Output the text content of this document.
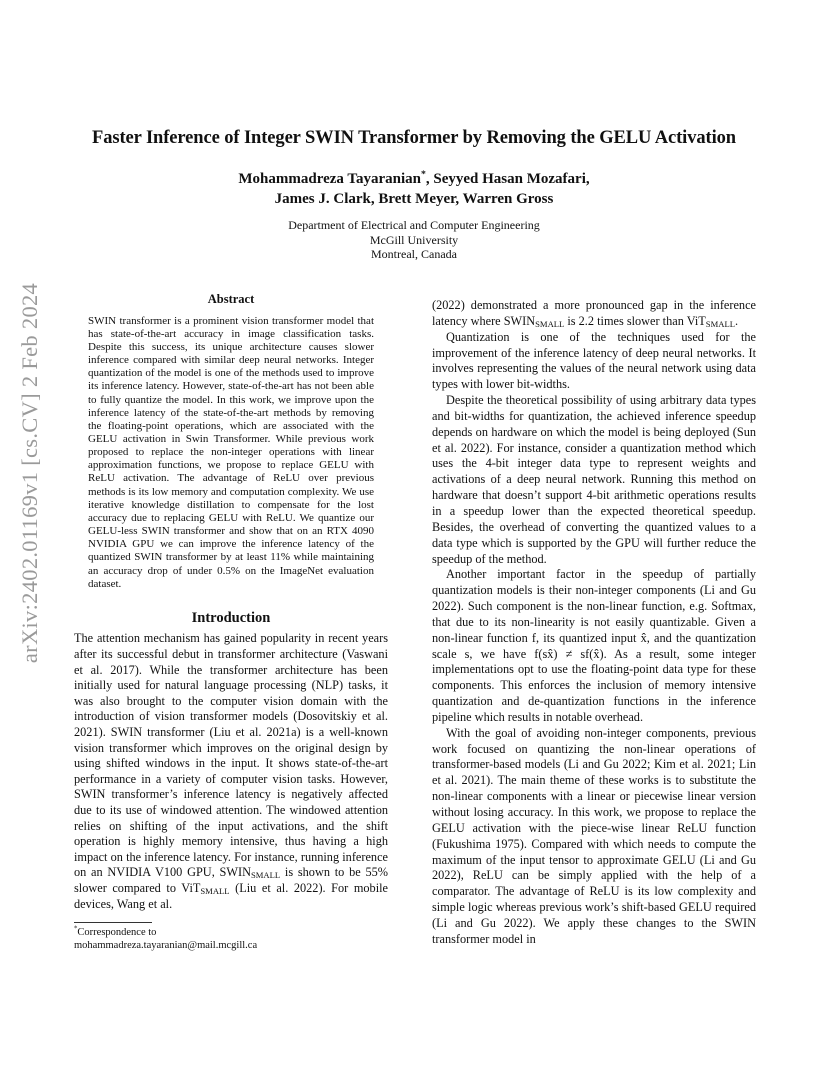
arXiv:2402.01169v1 [cs.CV] 2 Feb 2024
Faster Inference of Integer SWIN Transformer by Removing the GELU Activation
Mohammadreza Tayaranian*, Seyyed Hasan Mozafari,
James J. Clark, Brett Meyer, Warren Gross
Department of Electrical and Computer Engineering
McGill University
Montreal, Canada
Abstract

SWIN transformer is a prominent vision transformer model that has state-of-the-art accuracy in image classification tasks. Despite this success, its unique architecture causes slower inference compared with similar deep neural networks. Integer quantization of the model is one of the methods used to improve its inference latency. However, state-of-the-art has not been able to fully quantize the model. In this work, we improve upon the inference latency of the state-of-the-art methods by removing the floating-point operations, which are associated with the GELU activation in Swin Transformer. While previous work proposed to replace the non-integer operations with linear approximation functions, we propose to replace GELU with ReLU activation. The advantage of ReLU over previous methods is its low memory and computation complexity. We use iterative knowledge distillation to compensate for the lost accuracy due to replacing GELU with ReLU. We quantize our GELU-less SWIN transformer and show that on an RTX 4090 NVIDIA GPU we can improve the inference latency of the quantized SWIN transformer by at least 11% while maintaining an accuracy drop of under 0.5% on the ImageNet evaluation dataset.

Introduction

The attention mechanism has gained popularity in recent years after its successful debut in transformer architecture (Vaswani et al. 2017). While the transformer architecture has been initially used for natural language processing (NLP) tasks, it was also brought to the computer vision domain with the introduction of vision transformer models (Dosovitskiy et al. 2021). SWIN transformer (Liu et al. 2021a) is a well-known vision transformer which improves on the original design by using shifted windows in the input. It shows state-of-the-art performance in a variety of computer vision tasks. However, SWIN transformer’s inference latency is negatively affected due to its use of windowed attention. The windowed attention relies on shifting of the input activations, and the shift operation is highly memory intensive, thus having a high impact on the inference latency. For instance, running inference on an NVIDIA V100 GPU, $SWIN_{SMALL}$ is shown to be 55% slower compared to ViT$_{SMALL}$ (Liu et al. 2022). For mobile devices, Wang et al.

*Correspondence to
mohammadreza.tayaranian@mail.mcgill.ca

(2022) demonstrated a more pronounced gap in the inference latency where $SWIN_{SMALL}$ is 2.2 times slower than ViT$_{SMALL}$.

Quantization is one of the techniques used for the improvement of the inference latency of deep neural networks. It involves representing the values of the neural network using data types with lower bit-widths.

Despite the theoretical possibility of using arbitrary data types and bit-widths for quantization, the achieved inference speedup depends on hardware on which the model is being deployed (Sun et al. 2022). For instance, consider a quantization method which uses the 4-bit integer data type to represent weights and activations of a deep neural network. Running this method on hardware that doesn’t support 4-bit arithmetic operations results in a speedup lower than the expected theoretical speedup. Besides, the overhead of converting the quantized values to a data type which is supported by the GPU will further reduce the speedup of the method.

Another important factor in the speedup of partially quantization models is their non-integer components (Li and Gu 2022). Such component is the non-linear function, e.g. Softmax, that due to its non-linearity is not easily quantizable. Given a non-linear function f, its quantized input x̂, and the quantization scale s, we have f(sx̂) ≠ sf(x̂). As a result, some integer implementations opt to use the floating-point data type for these components. This enforces the inclusion of memory intensive quantization and de-quantization functions in the inference pipeline which results in notable overhead.

With the goal of avoiding non-integer components, previous work focused on quantizing the non-linear operations of transformer-based models (Li and Gu 2022; Kim et al. 2021; Lin et al. 2021). The main theme of these works is to substitute the non-linear components with a linear or piecewise linear version without losing accuracy. In this work, we propose to replace the GELU activation with the piece-wise linear ReLU function (Fukushima 1975). Compared with which needs to compute the maximum of the input tensor to approximate GELU (Li and Gu 2022), ReLU can be simply applied with the help of a comparator. The advantage of ReLU is its low complexity and simple logic whereas previous work’s shift-based GELU required (Li and Gu 2022). We apply these changes to the SWIN transformer model in
